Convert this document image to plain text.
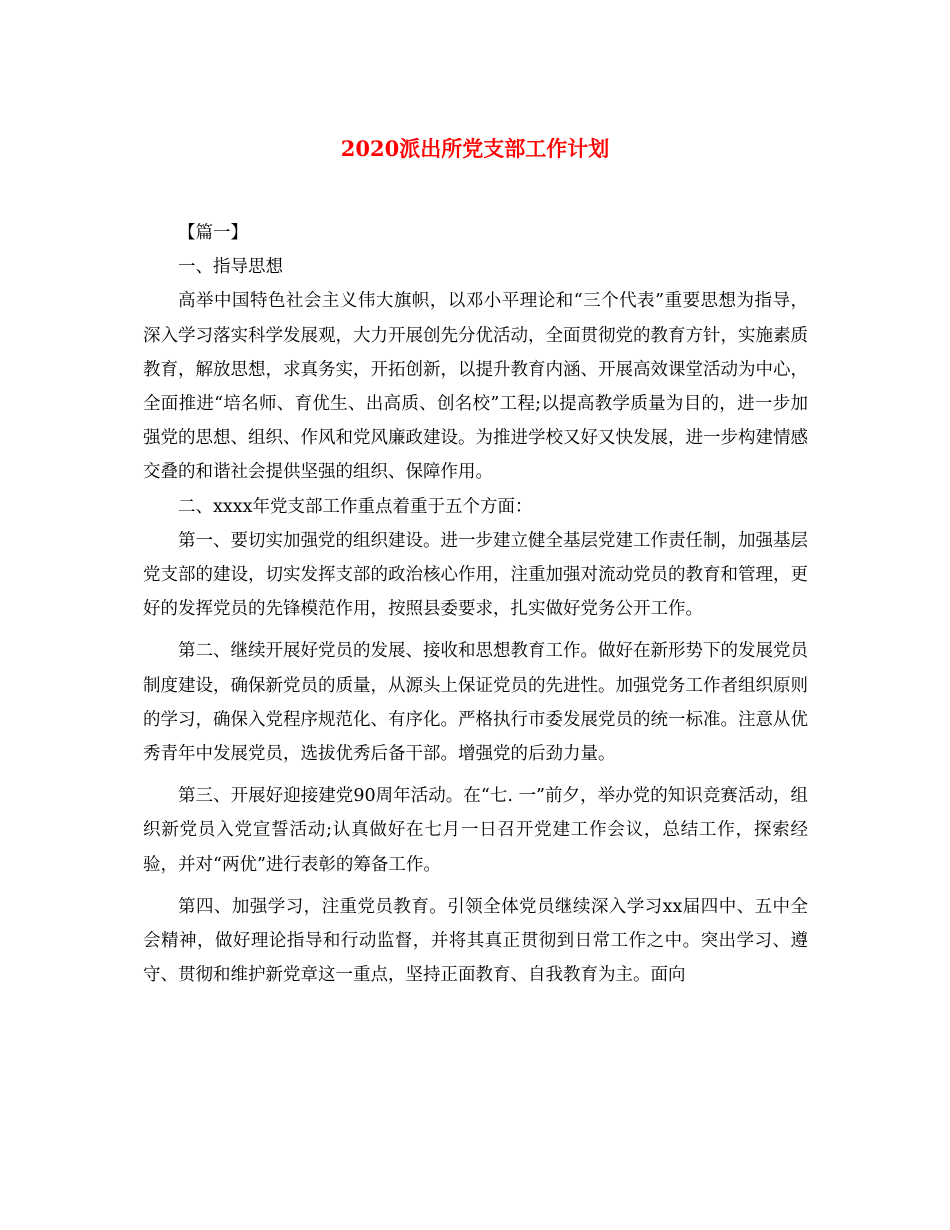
2020派出所党支部工作计划

【篇一】

一、指导思想

高举中国特色社会主义伟大旗帜，以邓小平理论和“三个代表”重要思想为指导，深入学习落实科学发展观，大力开展创先分优活动，全面贯彻党的教育方针，实施素质教育，解放思想，求真务实，开拓创新，以提升教育内涵、开展高效课堂活动为中心，全面推进“培名师、育优生、出高质、创名校”工程;以提高教学质量为目的，进一步加强党的思想、组织、作风和党风廉政建设。为推进学校又好又快发展，进一步构建情感交叠的和谐社会提供坚强的组织、保障作用。

二、xxxx年党支部工作重点着重于五个方面：

第一、要切实加强党的组织建设。进一步建立健全基层党建工作责任制，加强基层党支部的建设，切实发挥支部的政治核心作用，注重加强对流动党员的教育和管理，更好的发挥党员的先锋模范作用，按照县委要求，扎实做好党务公开工作。

第二、继续开展好党员的发展、接收和思想教育工作。做好在新形势下的发展党员制度建设，确保新党员的质量，从源头上保证党员的先进性。加强党务工作者组织原则的学习，确保入党程序规范化、有序化。严格执行市委发展党员的统一标准。注意从优秀青年中发展党员，选拔优秀后备干部。增强党的后劲力量。

第三、开展好迎接建党90周年活动。在“七. 一”前夕，举办党的知识竞赛活动，组织新党员入党宣誓活动;认真做好在七月一日召开党建工作会议，总结工作，探索经验，并对“两优”进行表彰的筹备工作。

第四、加强学习，注重党员教育。引领全体党员继续深入学习xx届四中、五中全会精神，做好理论指导和行动监督，并将其真正贯彻到日常工作之中。突出学习、遵守、贯彻和维护新党章这一重点，坚持正面教育、自我教育为主。面向
